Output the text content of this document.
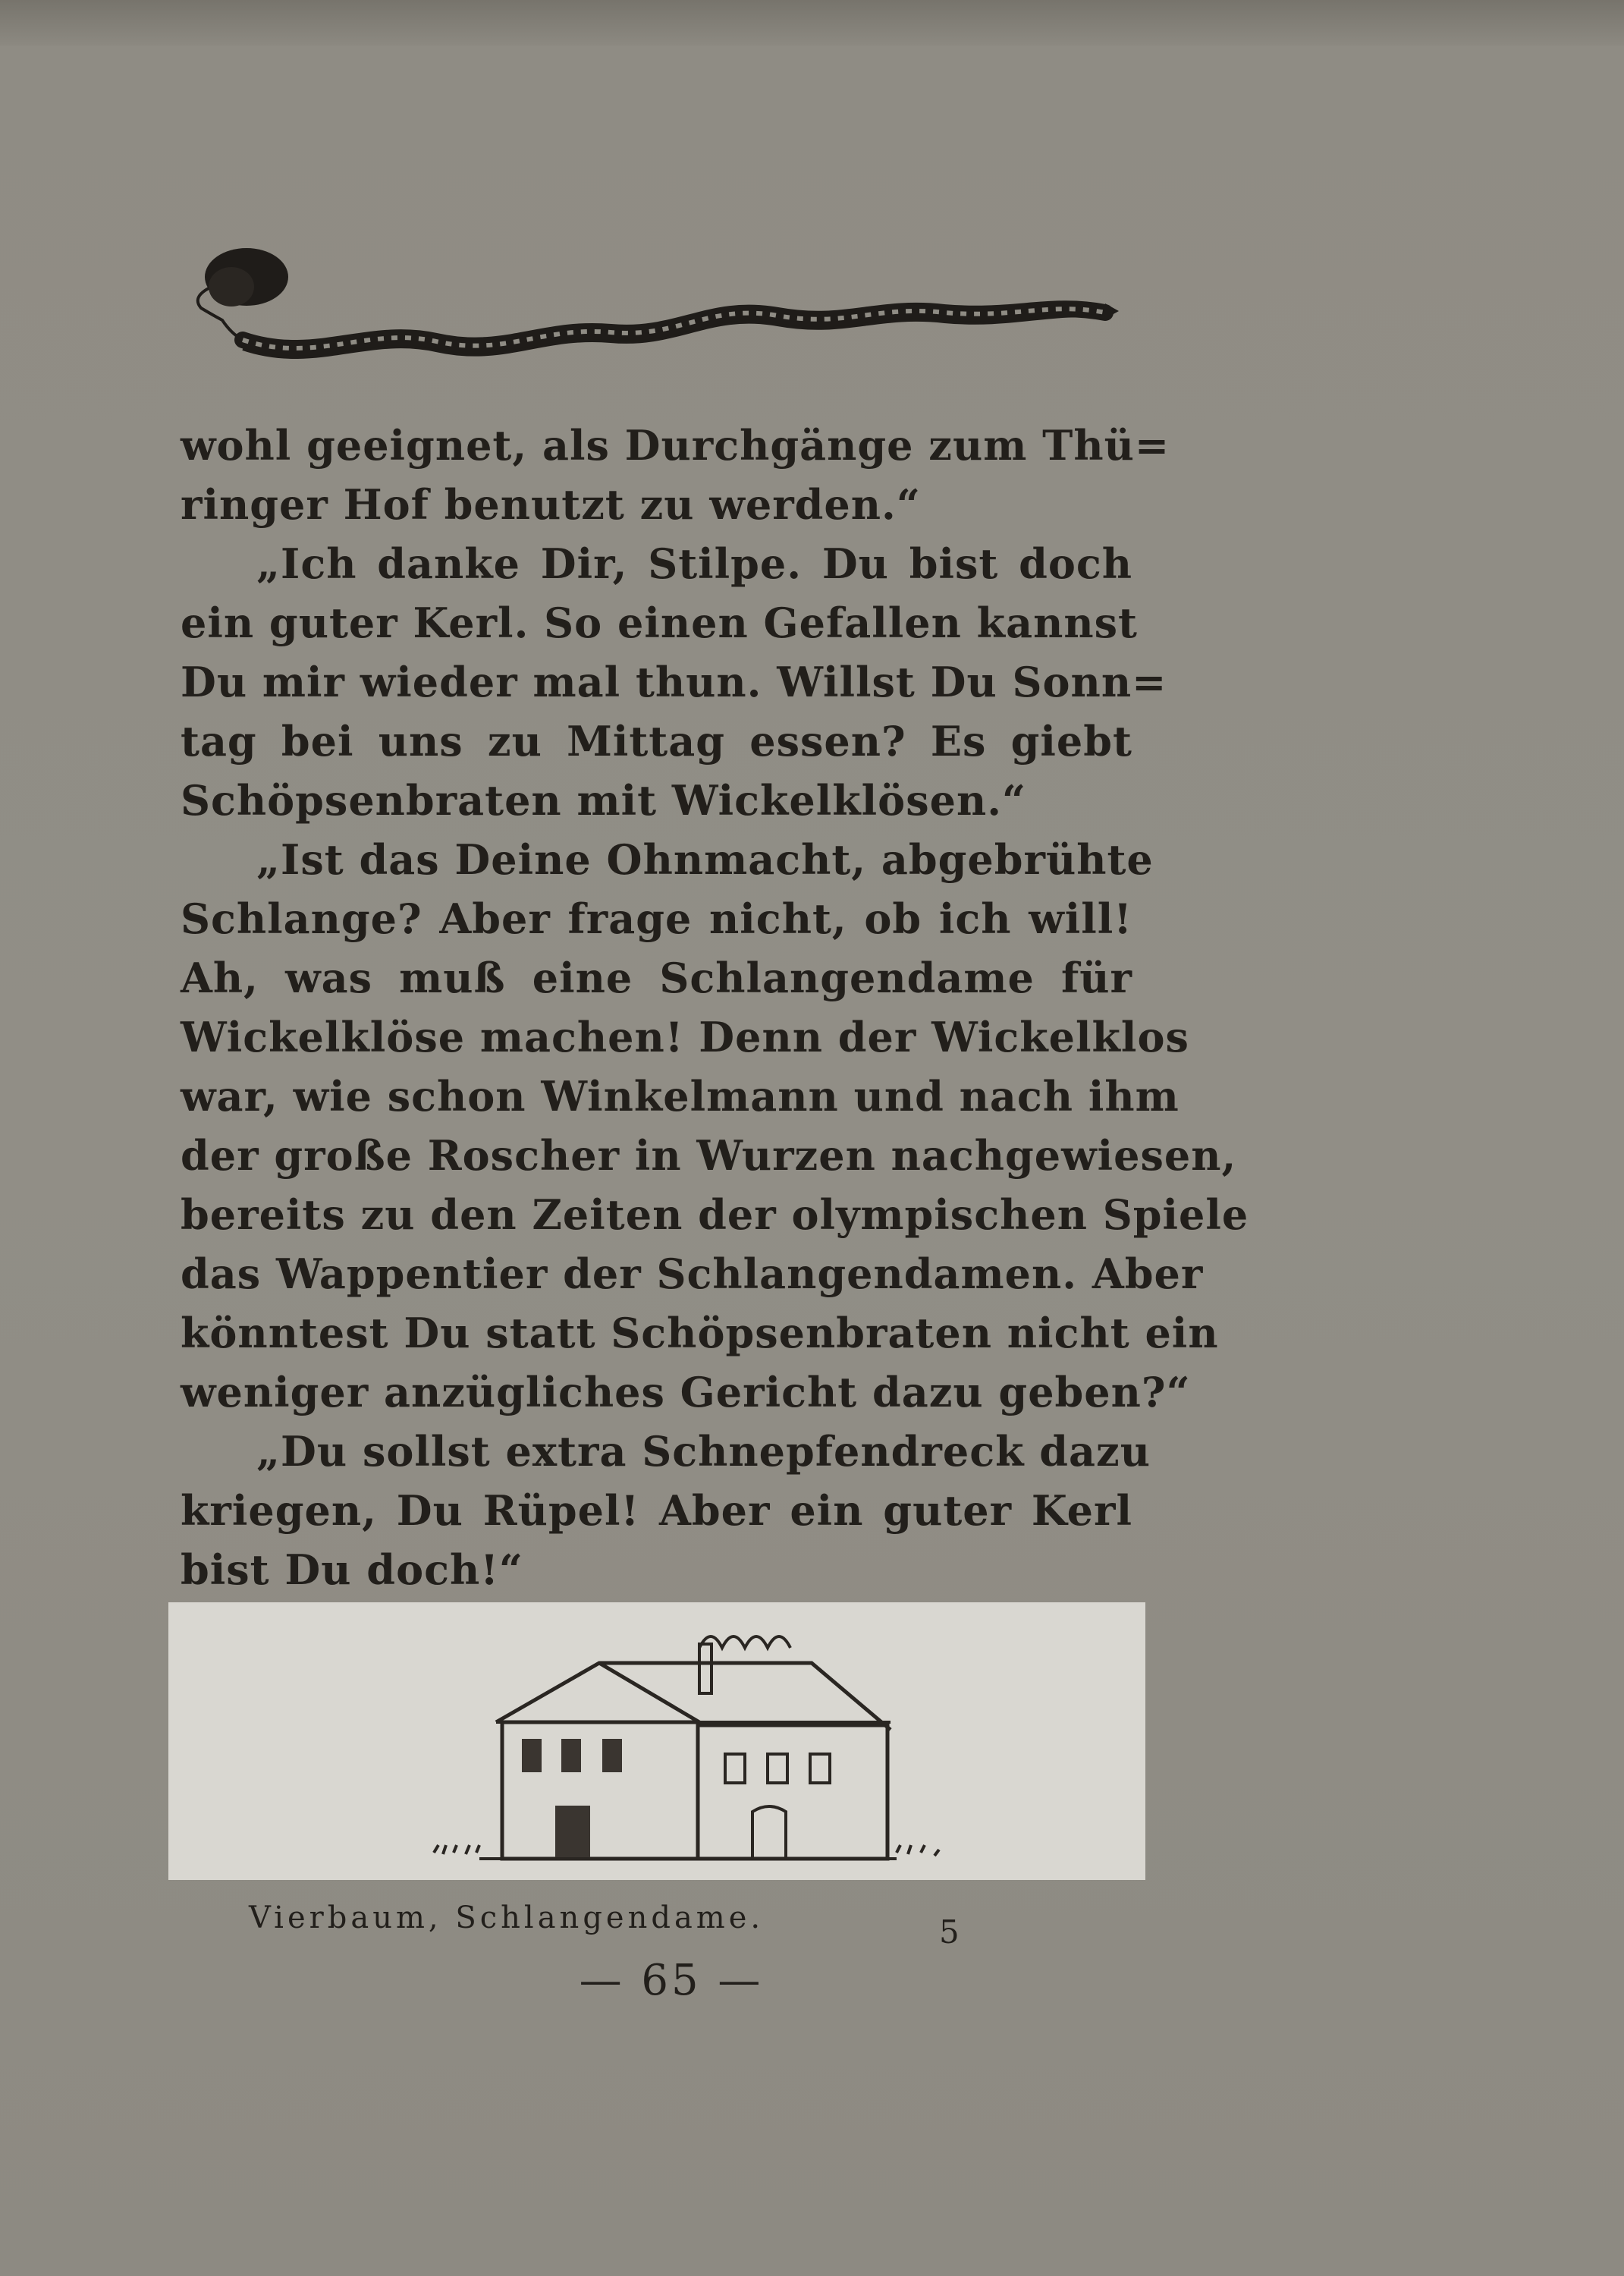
wohl geeignet, als Durchgänge zum Thü=
ringer Hof benutzt zu werden.“
„Ich danke Dir, Stilpe. Du bist doch
ein guter Kerl. So einen Gefallen kannst
Du mir wieder mal thun. Willst Du Sonn=
tag bei uns zu Mittag essen? Es giebt
Schöpsenbraten mit Wickelklösen.“
„Ist das Deine Ohnmacht, abgebrühte
Schlange? Aber frage nicht, ob ich will!
Ah, was muß eine Schlangendame für
Wickelklöse machen! Denn der Wickelklos
war, wie schon Winkelmann und nach ihm
der große Roscher in Wurzen nachgewiesen,
bereits zu den Zeiten der olympischen Spiele
das Wappentier der Schlangendamen. Aber
könntest Du statt Schöpsenbraten nicht ein
weniger anzügliches Gericht dazu geben?“
„Du sollst extra Schnepfendreck dazu
kriegen, Du Rüpel! Aber ein guter Kerl
bist Du doch!“
Vierbaum, Schlangendame.	5
— 65 —
